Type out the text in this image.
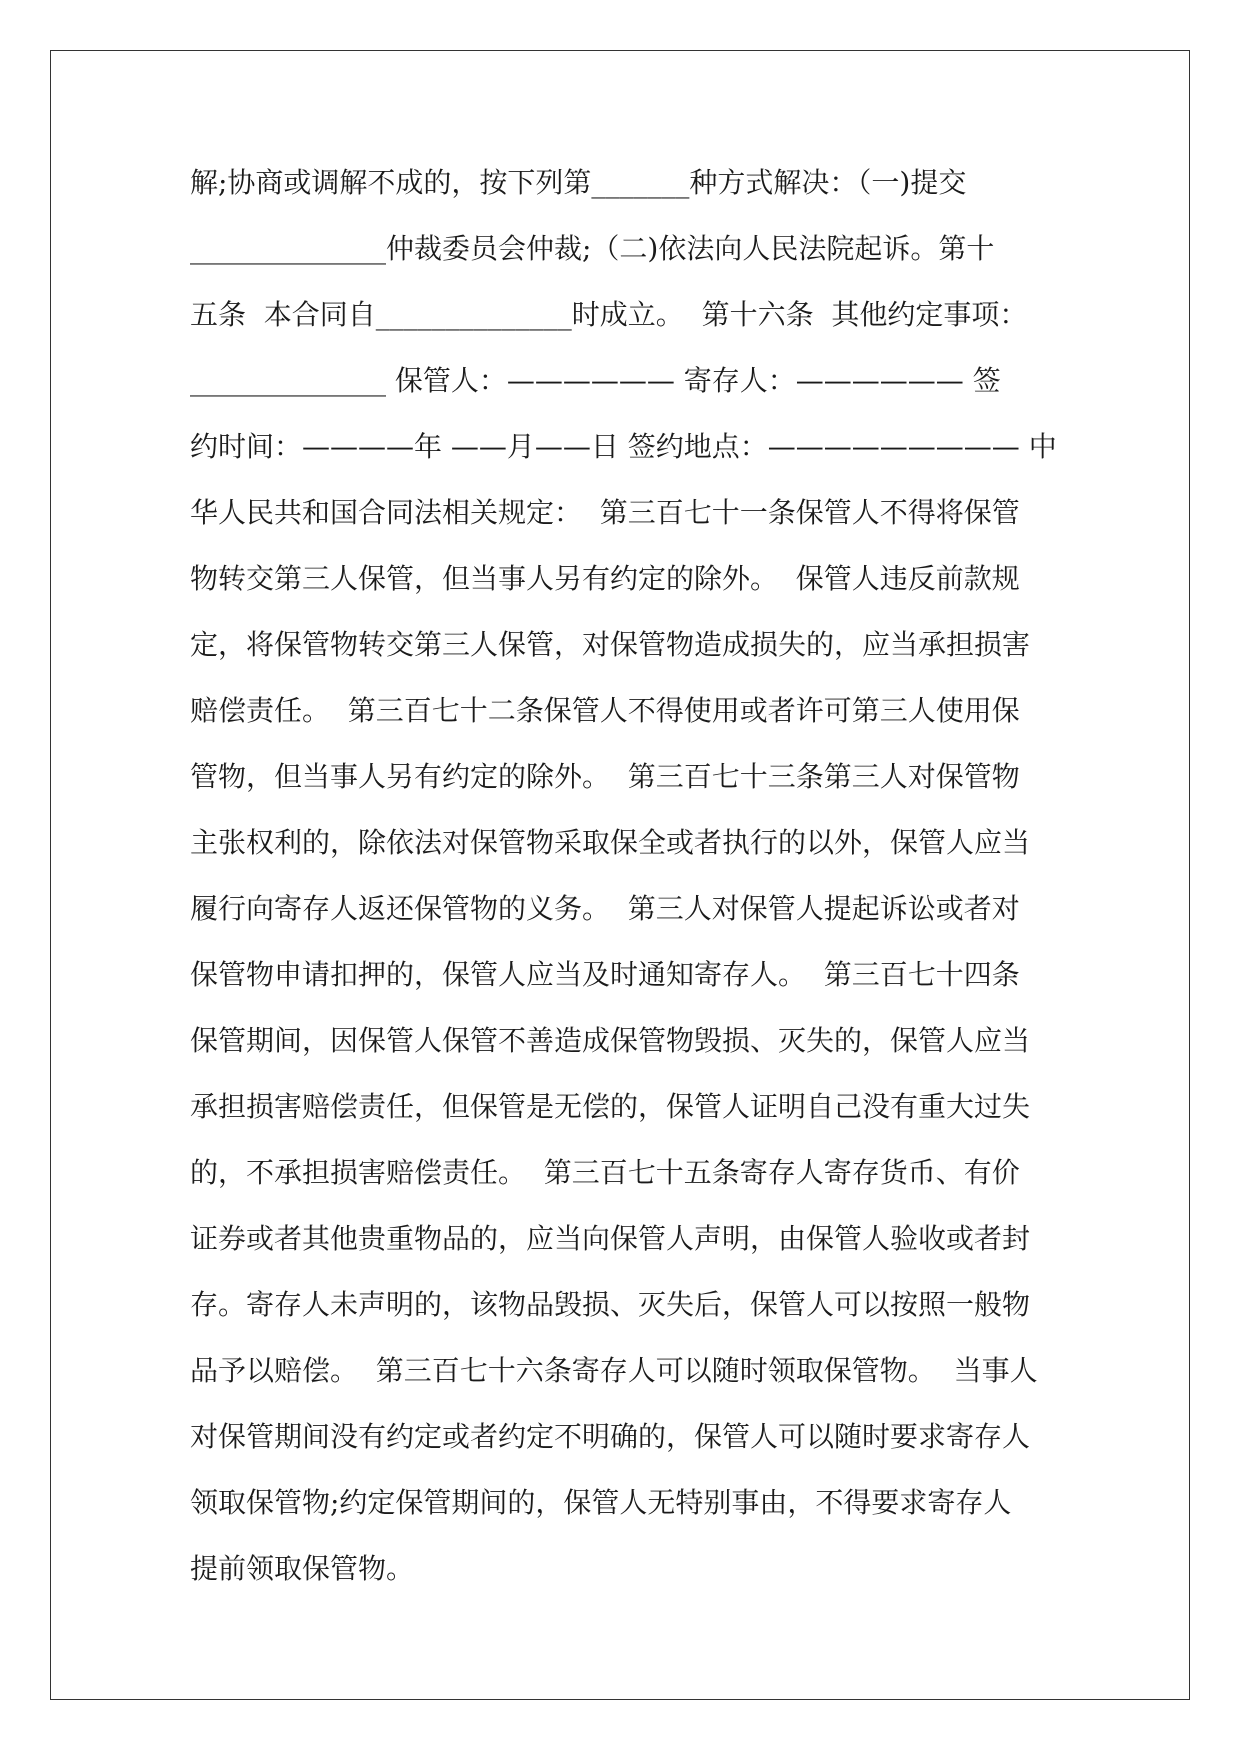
解;协商或调解不成的，按下列第_______种方式解决：（一)提交
______________仲裁委员会仲裁;（二)依法向人民法院起诉。第十
五条  本合同自______________时成立。  第十六条  其他约定事项：
______________ 保管人：—————— 寄存人：—————— 签
约时间：————年 ——月——日 签约地点：————————— 中
华人民共和国合同法相关规定：  第三百七十一条保管人不得将保管
物转交第三人保管，但当事人另有约定的除外。  保管人违反前款规
定，将保管物转交第三人保管，对保管物造成损失的，应当承担损害
赔偿责任。  第三百七十二条保管人不得使用或者许可第三人使用保
管物，但当事人另有约定的除外。  第三百七十三条第三人对保管物
主张权利的，除依法对保管物采取保全或者执行的以外，保管人应当
履行向寄存人返还保管物的义务。  第三人对保管人提起诉讼或者对
保管物申请扣押的，保管人应当及时通知寄存人。  第三百七十四条
保管期间，因保管人保管不善造成保管物毁损、灭失的，保管人应当
承担损害赔偿责任，但保管是无偿的，保管人证明自己没有重大过失
的，不承担损害赔偿责任。  第三百七十五条寄存人寄存货币、有价
证券或者其他贵重物品的，应当向保管人声明，由保管人验收或者封
存。寄存人未声明的，该物品毁损、灭失后，保管人可以按照一般物
品予以赔偿。  第三百七十六条寄存人可以随时领取保管物。  当事人
对保管期间没有约定或者约定不明确的，保管人可以随时要求寄存人
领取保管物;约定保管期间的，保管人无特别事由，不得要求寄存人
提前领取保管物。
